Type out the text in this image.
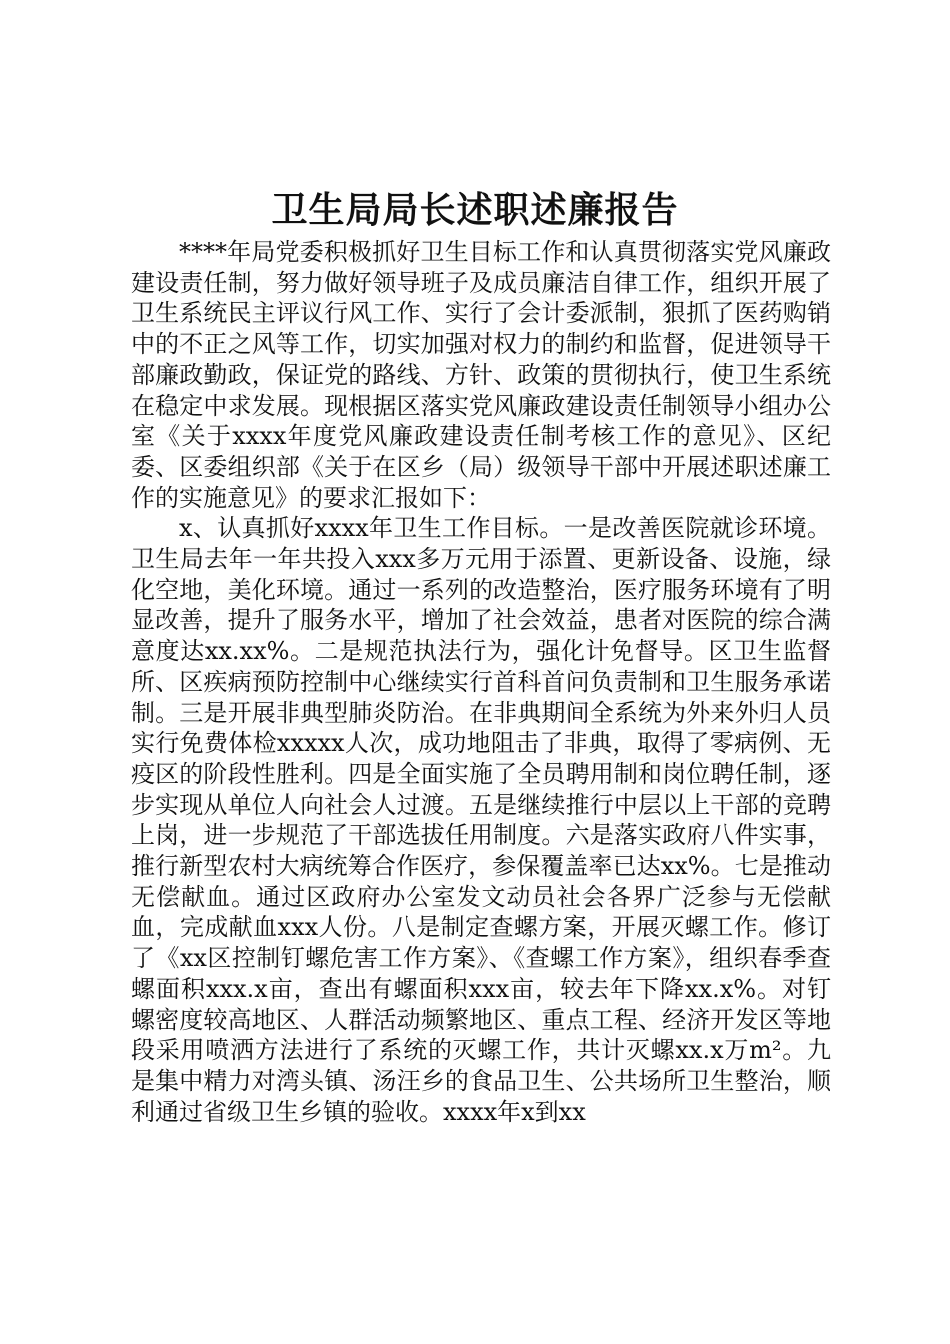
卫生局局长述职述廉报告

****年局党委积极抓好卫生目标工作和认真贯彻落实党风廉政建设责任制，努力做好领导班子及成员廉洁自律工作，组织开展了卫生系统民主评议行风工作、实行了会计委派制，狠抓了医药购销中的不正之风等工作，切实加强对权力的制约和监督，促进领导干部廉政勤政，保证党的路线、方针、政策的贯彻执行，使卫生系统在稳定中求发展。现根据区落实党风廉政建设责任制领导小组办公室《关于xxxx年度党风廉政建设责任制考核工作的意见》、区纪委、区委组织部《关于在区乡（局）级领导干部中开展述职述廉工作的实施意见》的要求汇报如下：

x、认真抓好xxxx年卫生工作目标。一是改善医院就诊环境。卫生局去年一年共投入xxx多万元用于添置、更新设备、设施，绿化空地，美化环境。通过一系列的改造整治，医疗服务环境有了明显改善，提升了服务水平，增加了社会效益，患者对医院的综合满意度达xx.xx%。二是规范执法行为，强化计免督导。区卫生监督所、区疾病预防控制中心继续实行首科首问负责制和卫生服务承诺制。三是开展非典型肺炎防治。在非典期间全系统为外来外归人员实行免费体检xxxxx人次，成功地阻击了非典，取得了零病例、无疫区的阶段性胜利。四是全面实施了全员聘用制和岗位聘任制，逐步实现从单位人向社会人过渡。五是继续推行中层以上干部的竞聘上岗，进一步规范了干部选拔任用制度。六是落实政府八件实事，推行新型农村大病统筹合作医疗，参保覆盖率已达xx%。七是推动无偿献血。通过区政府办公室发文动员社会各界广泛参与无偿献血，完成献血xxx人份。八是制定查螺方案，开展灭螺工作。修订了《xx区控制钉螺危害工作方案》、《查螺工作方案》，组织春季查螺面积xxx.x亩，查出有螺面积xxx亩，较去年下降xx.x%。对钉螺密度较高地区、人群活动频繁地区、重点工程、经济开发区等地段采用喷洒方法进行了系统的灭螺工作，共计灭螺xx.x万m²。九是集中精力对湾头镇、汤汪乡的食品卫生、公共场所卫生整治，顺利通过省级卫生乡镇的验收。xxxx年x到xx
